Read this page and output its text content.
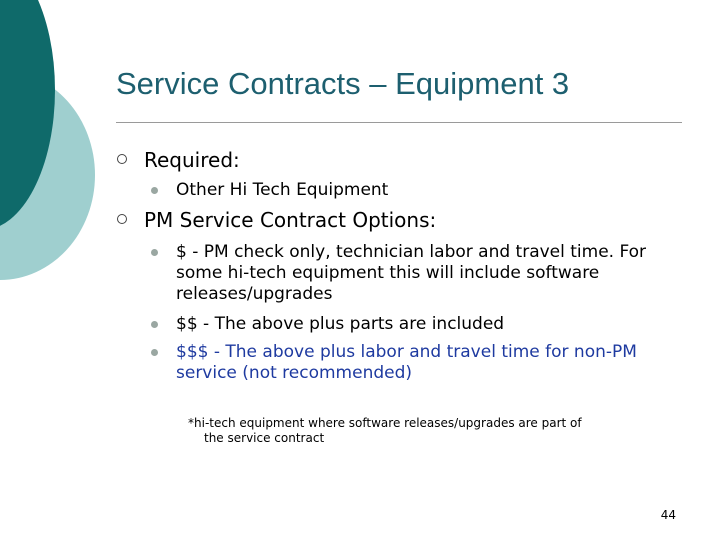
Service Contracts – Equipment 3
Required:
Other Hi Tech Equipment
PM Service Contract Options:
$ - PM check only, technician labor and travel time. For some hi-tech equipment this will include software releases/upgrades
$$ - The above plus parts are included
$$$ - The above plus labor and travel time for non-PM service (not recommended)
*hi-tech equipment where software releases/upgrades are part of
the service contract
44
